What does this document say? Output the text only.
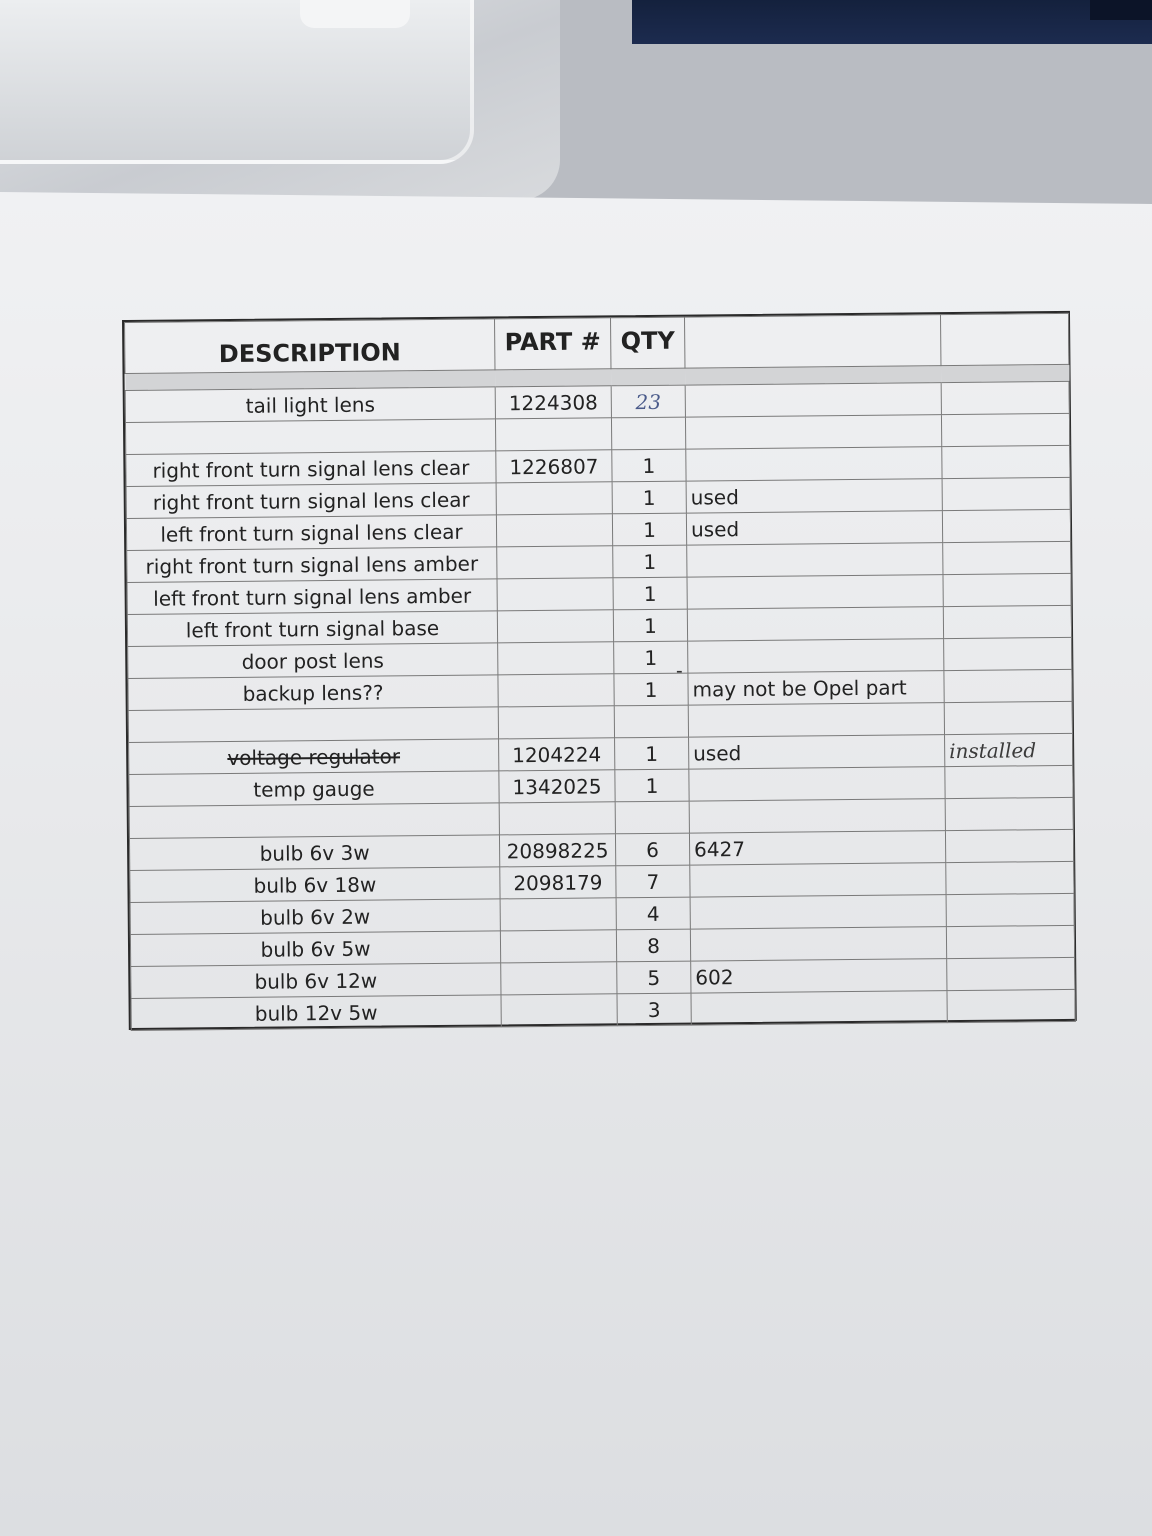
DESCRIPTION	PART #	QTY		

tail light lens	1224308	23		

right front turn signal lens clear	1226807	1		
right front turn signal lens clear		1	used	
left front turn signal lens clear		1	used	
right front turn signal lens amber		1		
left front turn signal lens amber		1		
left front turn signal base		1		
door post lens		1		
backup lens??		1	may not be Opel part	

voltage regulator	1204224	1	used	installed
temp gauge	1342025	1		

bulb 6v 3w	20898225	6	6427	
bulb 6v 18w	2098179	7		
bulb 6v 2w		4		
bulb 6v 5w		8		
bulb 6v 12w		5	602	
bulb 12v 5w		3		
-
